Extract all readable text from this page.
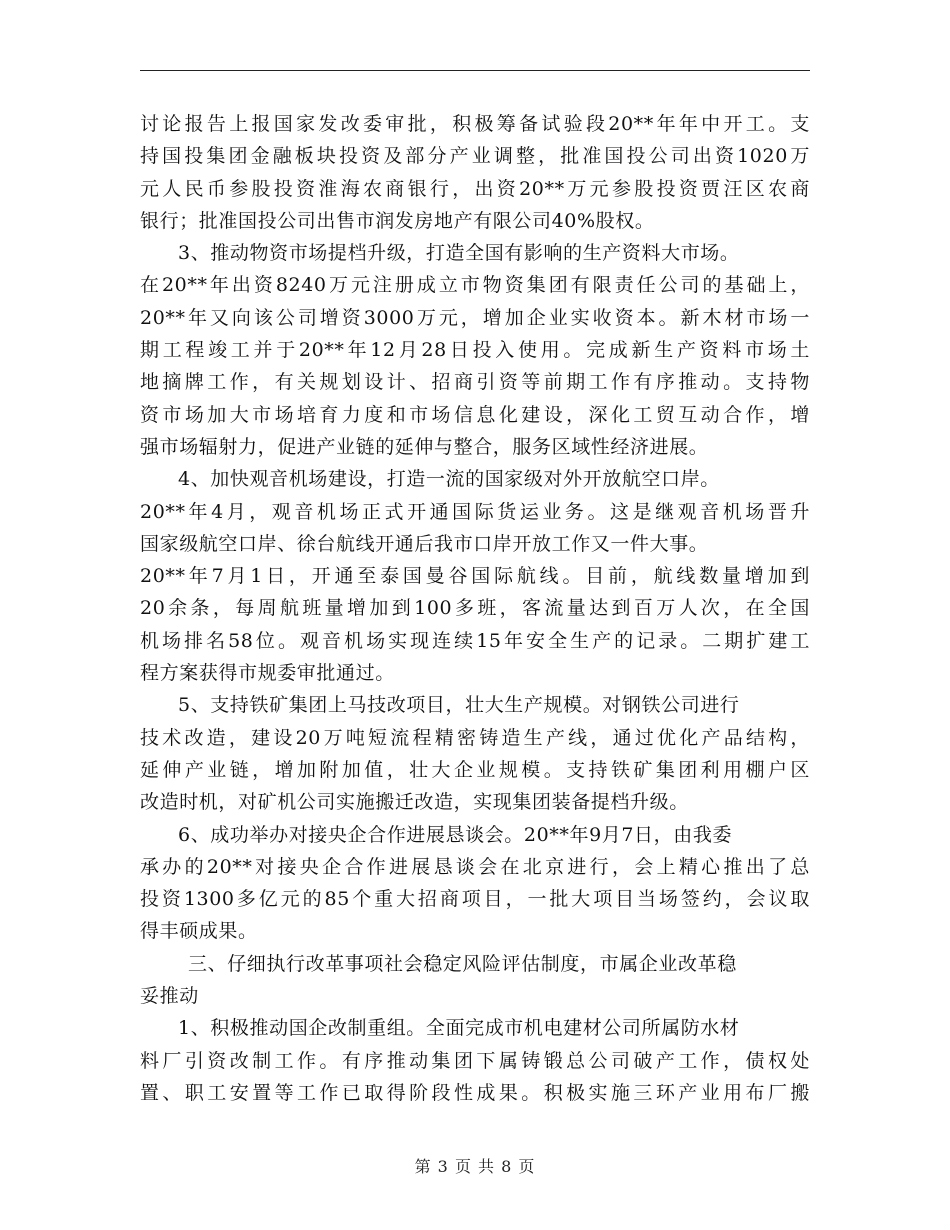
讨论报告上报国家发改委审批，积极筹备试验段20**年年中开工。支
持国投集团金融板块投资及部分产业调整，批准国投公司出资1020万
元人民币参股投资淮海农商银行，出资20**万元参股投资贾汪区农商
银行；批准国投公司出售市润发房地产有限公司40%股权。
3、推动物资市场提档升级，打造全国有影响的生产资料大市场。
在20**年出资8240万元注册成立市物资集团有限责任公司的基础上，
20**年又向该公司增资3000万元，增加企业实收资本。新木材市场一
期工程竣工并于20**年12月28日投入使用。完成新生产资料市场土
地摘牌工作，有关规划设计、招商引资等前期工作有序推动。支持物
资市场加大市场培育力度和市场信息化建设，深化工贸互动合作，增
强市场辐射力，促进产业链的延伸与整合，服务区域性经济进展。
4、加快观音机场建设，打造一流的国家级对外开放航空口岸。
20**年4月，观音机场正式开通国际货运业务。这是继观音机场晋升
国家级航空口岸、徐台航线开通后我市口岸开放工作又一件大事。
20**年7月1日，开通至泰国曼谷国际航线。目前，航线数量增加到
20余条，每周航班量增加到100多班，客流量达到百万人次，在全国
机场排名58位。观音机场实现连续15年安全生产的记录。二期扩建工
程方案获得市规委审批通过。
5、支持铁矿集团上马技改项目，壮大生产规模。对钢铁公司进行
技术改造，建设20万吨短流程精密铸造生产线，通过优化产品结构，
延伸产业链，增加附加值，壮大企业规模。支持铁矿集团利用棚户区
改造时机，对矿机公司实施搬迁改造，实现集团装备提档升级。
6、成功举办对接央企合作进展恳谈会。20**年9月7日，由我委
承办的20**对接央企合作进展恳谈会在北京进行，会上精心推出了总
投资1300多亿元的85个重大招商项目，一批大项目当场签约，会议取
得丰硕成果。
三、仔细执行改革事项社会稳定风险评估制度，市属企业改革稳
妥推动
1、积极推动国企改制重组。全面完成市机电建材公司所属防水材
料厂引资改制工作。有序推动集团下属铸锻总公司破产工作，债权处
置、职工安置等工作已取得阶段性成果。积极实施三环产业用布厂搬
第 3 页 共 8 页
